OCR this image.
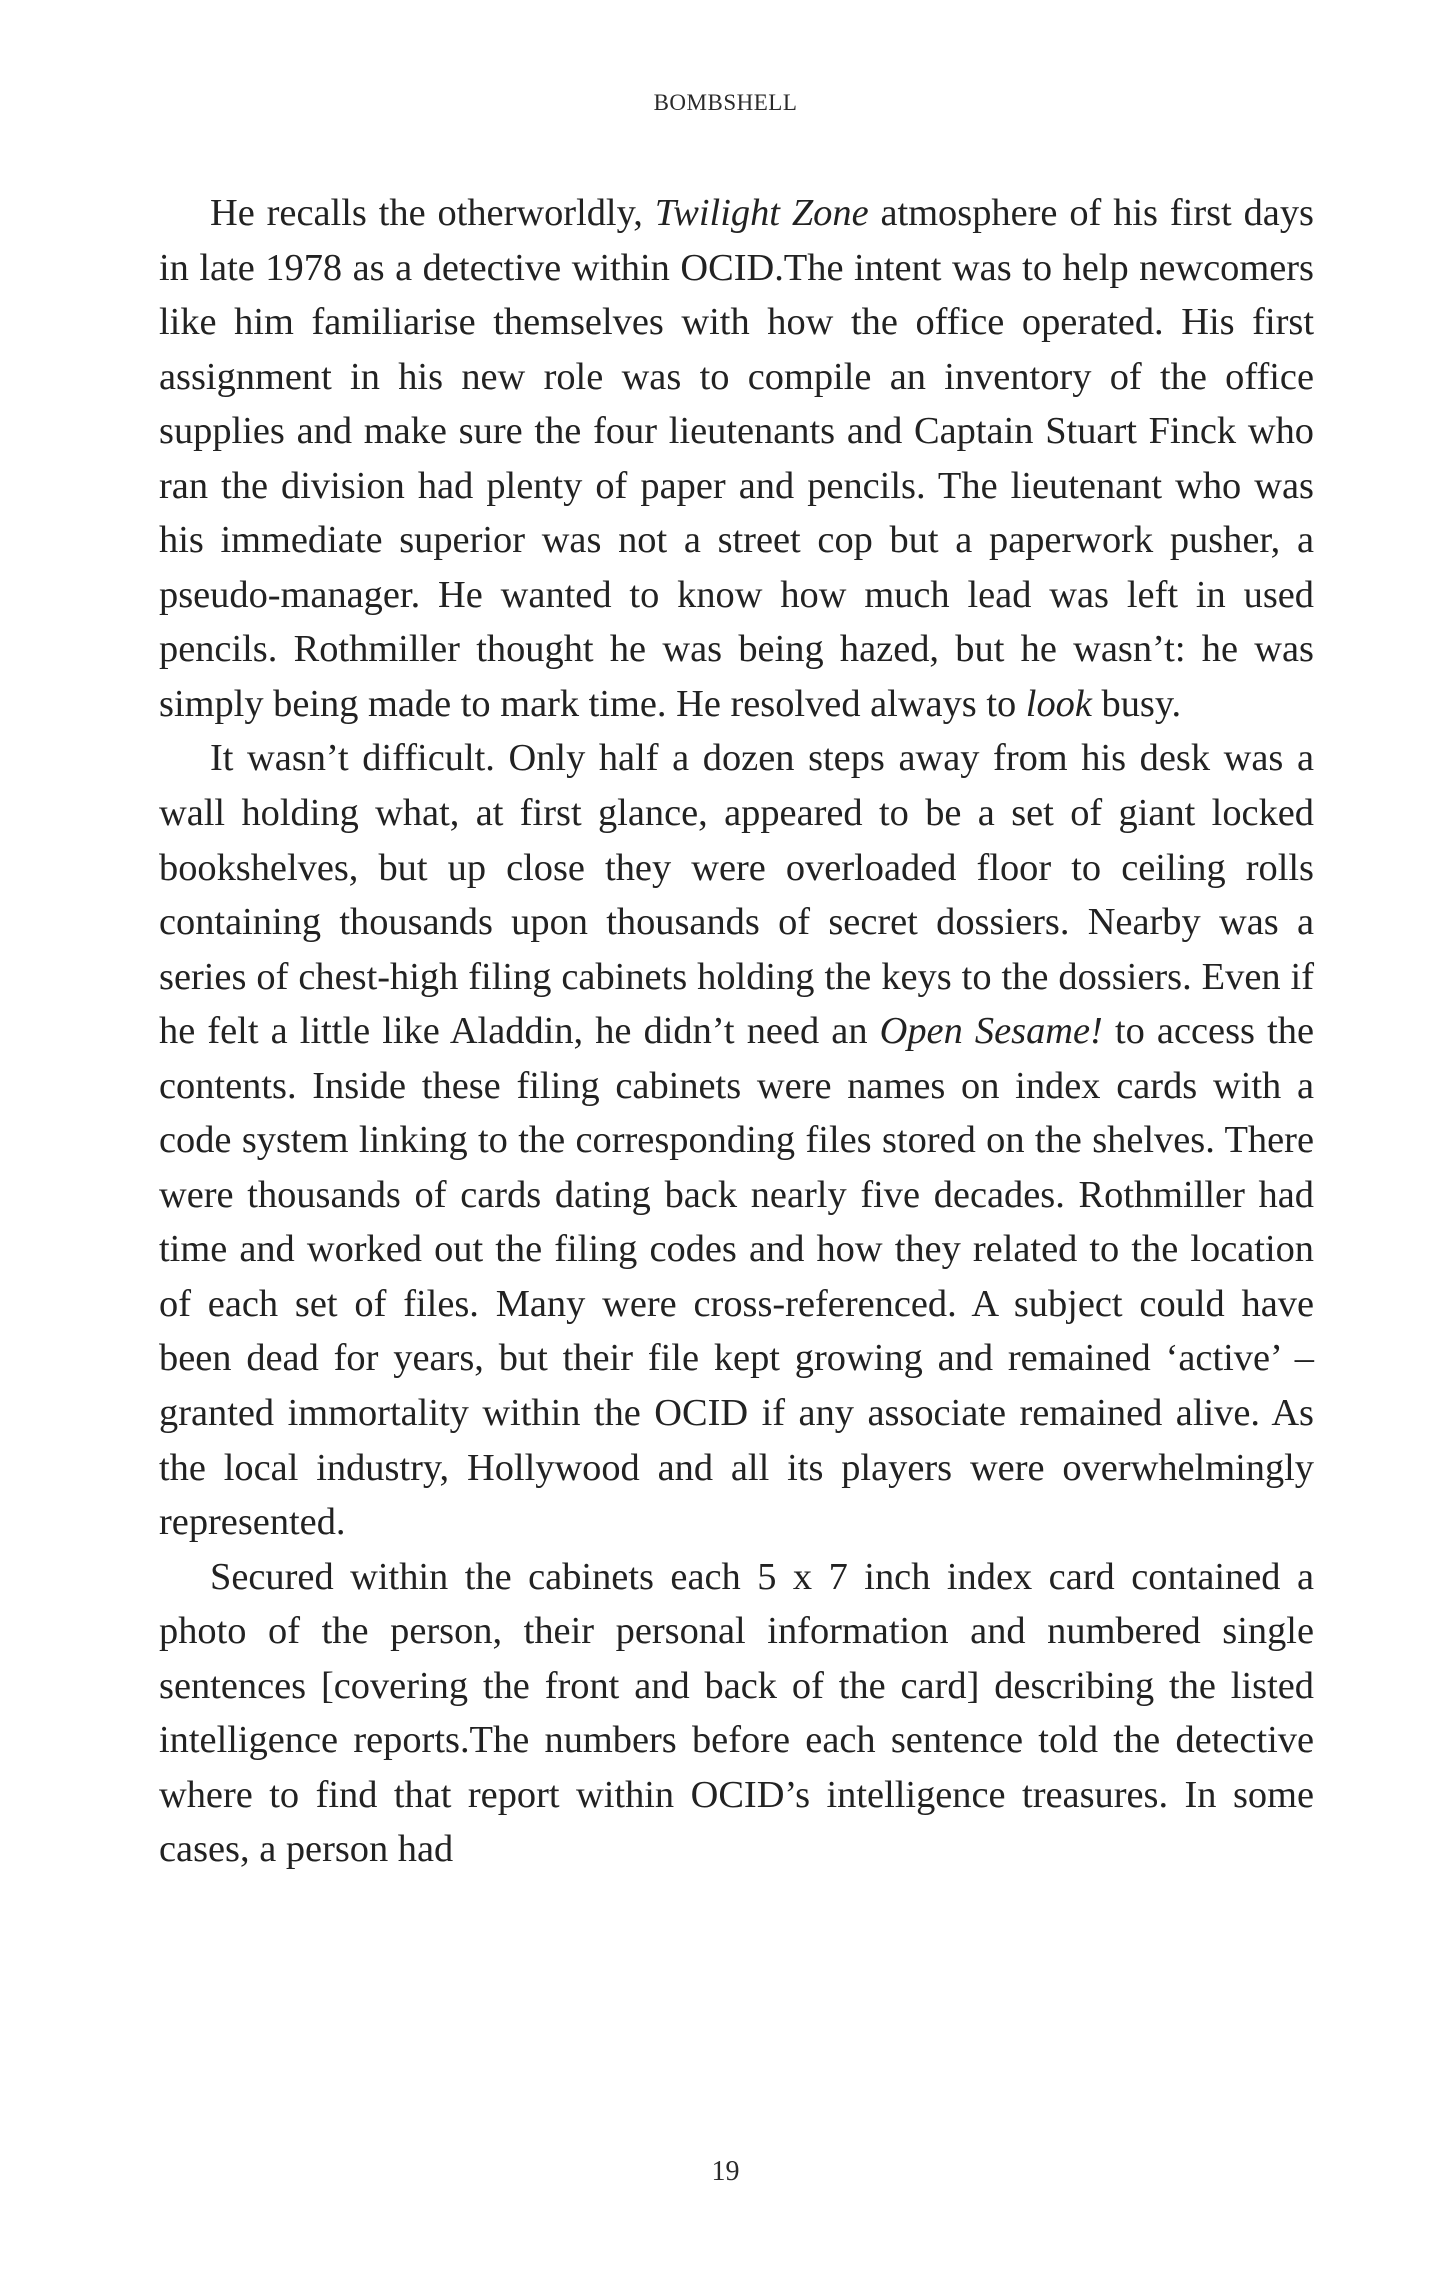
BOMBSHELL

He recalls the otherworldly, Twilight Zone atmosphere of his first days in late 1978 as a detective within OCID.The intent was to help newcomers like him familiarise themselves with how the office operated. His first assignment in his new role was to compile an inventory of the office supplies and make sure the four lieutenants and Captain Stuart Finck who ran the division had plenty of paper and pencils. The lieutenant who was his immediate superior was not a street cop but a paperwork pusher, a pseudo-manager. He wanted to know how much lead was left in used pencils. Rothmiller thought he was being hazed, but he wasn’t: he was simply being made to mark time. He resolved always to look busy.

It wasn’t difficult. Only half a dozen steps away from his desk was a wall holding what, at first glance, appeared to be a set of giant locked bookshelves, but up close they were overloaded floor to ceiling rolls containing thousands upon thousands of secret dossiers. Nearby was a series of chest-high filing cabinets holding the keys to the dossiers. Even if he felt a little like Aladdin, he didn’t need an Open Sesame! to access the contents. Inside these filing cabinets were names on index cards with a code system linking to the corresponding files stored on the shelves. There were thousands of cards dating back nearly five decades. Rothmiller had time and worked out the filing codes and how they related to the location of each set of files. Many were cross-referenced. A subject could have been dead for years, but their file kept growing and remained ‘active’ – granted immortality within the OCID if any associate remained alive. As the local industry, Hollywood and all its players were overwhelmingly represented.

Secured within the cabinets each 5 x 7 inch index card contained a photo of the person, their personal information and numbered single sentences [covering the front and back of the card] describing the listed intelligence reports.The numbers before each sentence told the detective where to find that report within OCID’s intelligence treasures. In some cases, a person had

19
